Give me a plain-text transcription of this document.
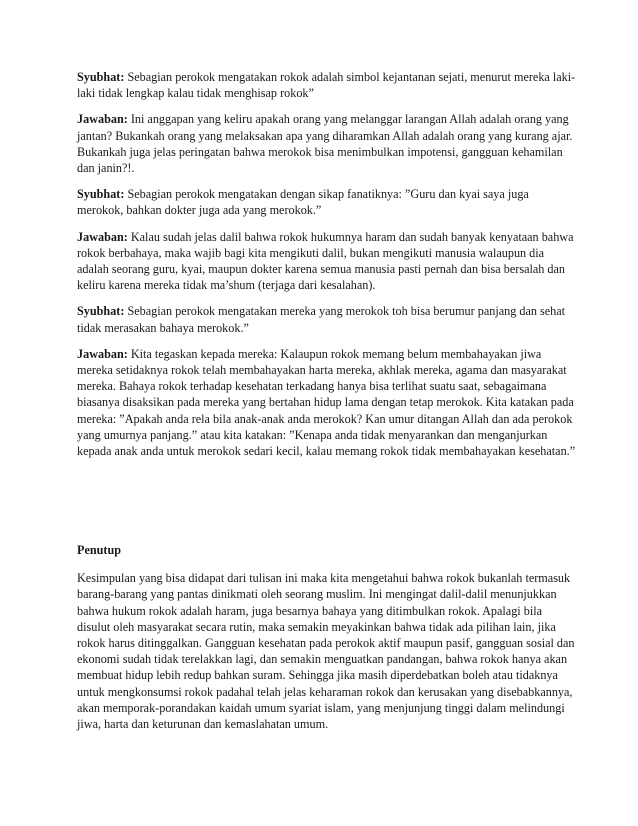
Syubhat: Sebagian perokok mengatakan rokok adalah simbol kejantanan sejati, menurut mereka laki-laki tidak lengkap kalau tidak menghisap rokok”

Jawaban: Ini anggapan yang keliru apakah orang yang melanggar larangan Allah adalah orang yang jantan? Bukankah orang yang melaksakan apa yang diharamkan Allah adalah orang yang kurang ajar. Bukankah juga jelas peringatan bahwa merokok bisa menimbulkan impotensi, gangguan kehamilan dan janin?!.

Syubhat: Sebagian perokok mengatakan dengan sikap fanatiknya: ”Guru dan kyai saya juga merokok, bahkan dokter juga ada yang merokok.”

Jawaban: Kalau sudah jelas dalil bahwa rokok hukumnya haram dan sudah banyak kenyataan bahwa rokok berbahaya, maka wajib bagi kita mengikuti dalil, bukan mengikuti manusia walaupun dia adalah seorang guru, kyai, maupun dokter karena semua manusia pasti pernah dan bisa bersalah dan keliru karena mereka tidak ma’shum (terjaga dari kesalahan).

Syubhat: Sebagian perokok mengatakan mereka yang merokok toh bisa berumur panjang dan sehat tidak merasakan bahaya merokok.”

Jawaban: Kita tegaskan kepada mereka: Kalaupun rokok memang belum membahayakan jiwa mereka setidaknya rokok telah membahayakan harta mereka, akhlak mereka, agama dan masyarakat mereka. Bahaya rokok terhadap kesehatan terkadang hanya bisa terlihat suatu saat, sebagaimana biasanya disaksikan pada mereka yang bertahan hidup lama dengan tetap merokok. Kita katakan pada mereka: ”Apakah anda rela bila anak-anak anda merokok? Kan umur ditangan Allah dan ada perokok yang umurnya panjang.” atau kita katakan: ”Kenapa anda tidak menyarankan dan menganjurkan kepada anak anda untuk merokok sedari kecil, kalau memang rokok tidak membahayakan kesehatan.”

Penutup

Kesimpulan yang bisa didapat dari tulisan ini maka kita mengetahui bahwa rokok bukanlah termasuk barang-barang yang pantas dinikmati oleh seorang muslim. Ini mengingat dalil-dalil menunjukkan bahwa hukum rokok adalah haram, juga besarnya bahaya yang ditimbulkan rokok. Apalagi bila disulut oleh masyarakat secara rutin, maka semakin meyakinkan bahwa tidak ada pilihan lain, jika rokok harus ditinggalkan. Gangguan kesehatan pada perokok aktif maupun pasif, gangguan sosial dan ekonomi sudah tidak terelakkan lagi, dan semakin menguatkan pandangan, bahwa rokok hanya akan membuat hidup lebih redup bahkan suram. Sehingga jika masih diperdebatkan boleh atau tidaknya untuk mengkonsumsi rokok padahal telah jelas keharaman rokok dan kerusakan yang disebabkannya, akan memporak-porandakan kaidah umum syariat islam, yang menjunjung tinggi dalam melindungi jiwa, harta dan keturunan dan kemaslahatan umum.
